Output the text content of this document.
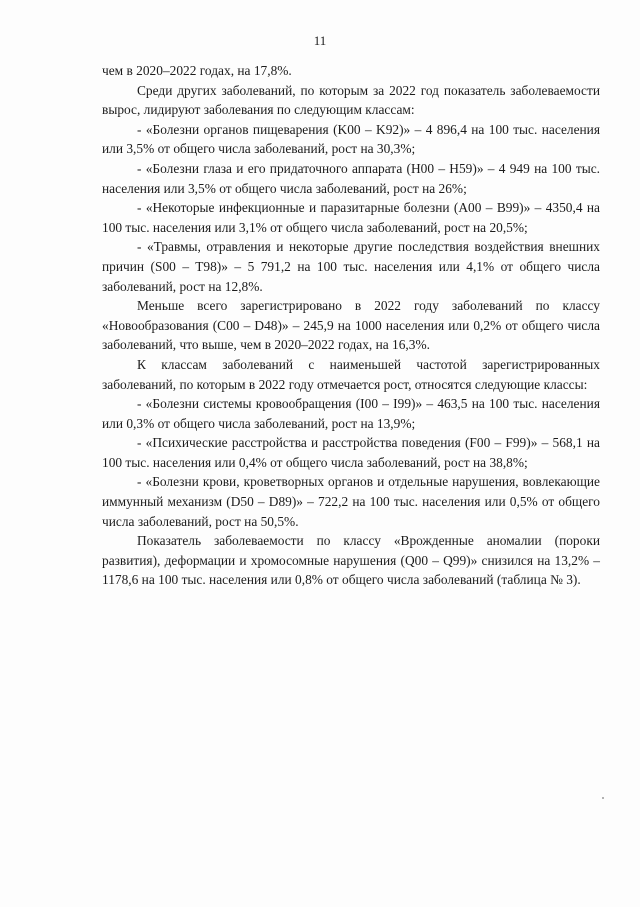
11

чем в 2020–2022 годах, на 17,8%.

Среди других заболеваний, по которым за 2022 год показатель заболеваемости вырос, лидируют заболевания по следующим классам:

- «Болезни органов пищеварения (K00 – K92)» – 4 896,4 на 100 тыс. населения или 3,5% от общего числа заболеваний, рост на 30,3%;

- «Болезни глаза и его придаточного аппарата (H00 – H59)» – 4 949 на 100 тыс. населения или 3,5% от общего числа заболеваний, рост на 26%;

- «Некоторые инфекционные и паразитарные болезни (A00 – B99)» – 4350,4 на 100 тыс. населения или 3,1% от общего числа заболеваний, рост на 20,5%;

- «Травмы, отравления и некоторые другие последствия воздействия внешних причин (S00 – T98)» – 5 791,2 на 100 тыс. населения или 4,1% от общего числа заболеваний, рост на 12,8%.

Меньше всего зарегистрировано в 2022 году заболеваний по классу «Новообразования (C00 – D48)» – 245,9 на 1000 населения или 0,2% от общего числа заболеваний, что выше, чем в 2020–2022 годах, на 16,3%.

К классам заболеваний с наименьшей частотой зарегистрированных заболеваний, по которым в 2022 году отмечается рост, относятся следующие классы:

- «Болезни системы кровообращения (I00 – I99)» – 463,5 на 100 тыс. населения или 0,3% от общего числа заболеваний, рост на 13,9%;

- «Психические расстройства и расстройства поведения (F00 – F99)» – 568,1 на 100 тыс. населения или 0,4% от общего числа заболеваний, рост на 38,8%;

- «Болезни крови, кроветворных органов и отдельные нарушения, вовлекающие иммунный механизм (D50 – D89)» – 722,2 на 100 тыс. населения или 0,5% от общего числа заболеваний, рост на 50,5%.

Показатель заболеваемости по классу «Врожденные аномалии (пороки развития), деформации и хромосомные нарушения (Q00 – Q99)» снизился на 13,2% – 1178,6 на 100 тыс. населения или 0,8% от общего числа заболеваний (таблица № 3).
